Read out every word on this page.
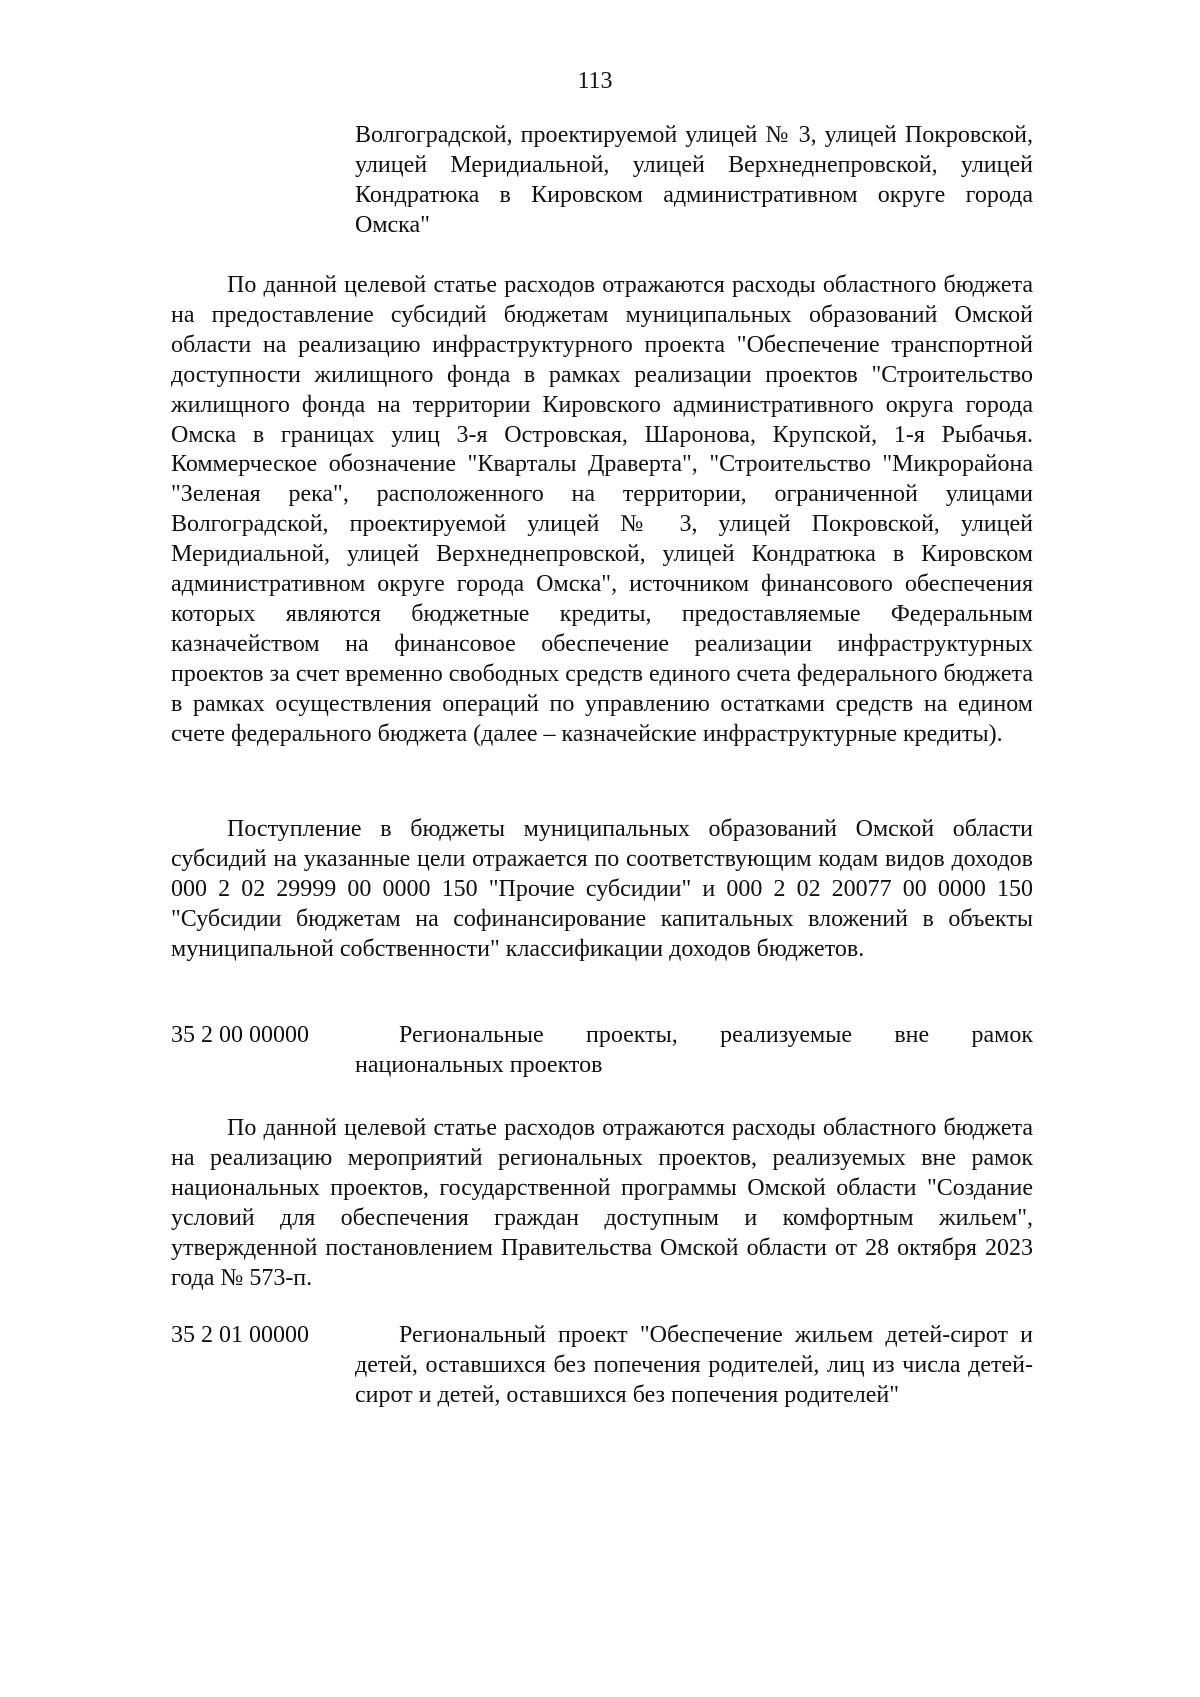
113
Волгоградской, проектируемой улицей № 3, улицей Покровской, улицей Меридиальной, улицей Верхнеднепровской, улицей Кондратюка в Кировском административном округе города Омска"
По данной целевой статье расходов отражаются расходы областного бюджета на предоставление субсидий бюджетам муниципальных образований Омской области на реализацию инфраструктурного проекта "Обеспечение транспортной доступности жилищного фонда в рамках реализации проектов "Строительство жилищного фонда на территории Кировского административного округа города Омска в границах улиц 3-я Островская, Шаронова, Крупской, 1-я Рыбачья. Коммерческое обозначение "Кварталы Драверта", "Строительство "Микрорайона "Зеленая река", расположенного на территории, ограниченной улицами Волгоградской, проектируемой улицей № 3, улицей Покровской, улицей Меридиальной, улицей Верхнеднепровской, улицей Кондратюка в Кировском административном округе города Омска", источником финансового обеспечения которых являются бюджетные кредиты, предоставляемые Федеральным казначейством на финансовое обеспечение реализации инфраструктурных проектов за счет временно свободных средств единого счета федерального бюджета в рамках осуществления операций по управлению остатками средств на едином счете федерального бюджета (далее – казначейские инфраструктурные кредиты).
Поступление в бюджеты муниципальных образований Омской области субсидий на указанные цели отражается по соответствующим кодам видов доходов 000 2 02 29999 00 0000 150 "Прочие субсидии" и 000 2 02 20077 00 0000 150 "Субсидии бюджетам на софинансирование капитальных вложений в объекты муниципальной собственности" классификации доходов бюджетов.
35 2 00 00000	Региональные проекты, реализуемые вне рамок национальных проектов
По данной целевой статье расходов отражаются расходы областного бюджета на реализацию мероприятий региональных проектов, реализуемых вне рамок национальных проектов, государственной программы Омской области "Создание условий для обеспечения граждан доступным и комфортным жильем", утвержденной постановлением Правительства Омской области от 28 октября 2023 года № 573-п.
35 2 01 00000	Региональный проект "Обеспечение жильем детей-сирот и детей, оставшихся без попечения родителей, лиц из числа детей-сирот и детей, оставшихся без попечения родителей"
